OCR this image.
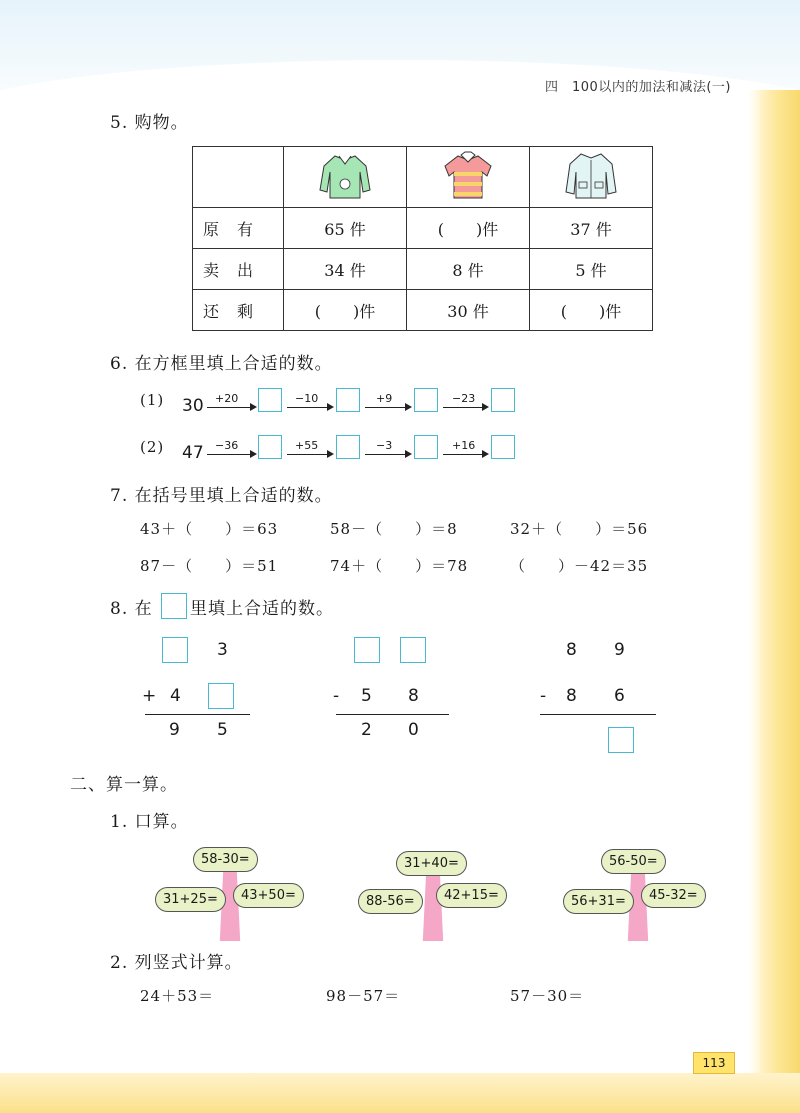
四　100以内的加法和减法(一)
5. 购物。

原有	65 件	(　　)件	37 件
卖出	34 件	8 件	5 件
还剩	(　　)件	30 件	(　　)件
6. 在方框里填上合适的数。
(1) 30 +20	−10	+9	−23
(2) 47 −36	+55	−3	+16
7. 在括号里填上合适的数。
43＋（　　）＝63	58－（　　）＝8	32＋（　　）＝56
87－（　　）＝51	74＋（　　）＝78	（　　）－42＝35
8. 在 里填上合适的数。
3
+ 4
9 5
- 5 8
2 0
8 9
- 8 6
二、算一算。
1. 口算。
58-30=
31+25=	43+50=
31+40=
88-56=	42+15=
56-50=
56+31=	45-32=
2. 列竖式计算。
24＋53＝	98－57＝	57－30＝
113
